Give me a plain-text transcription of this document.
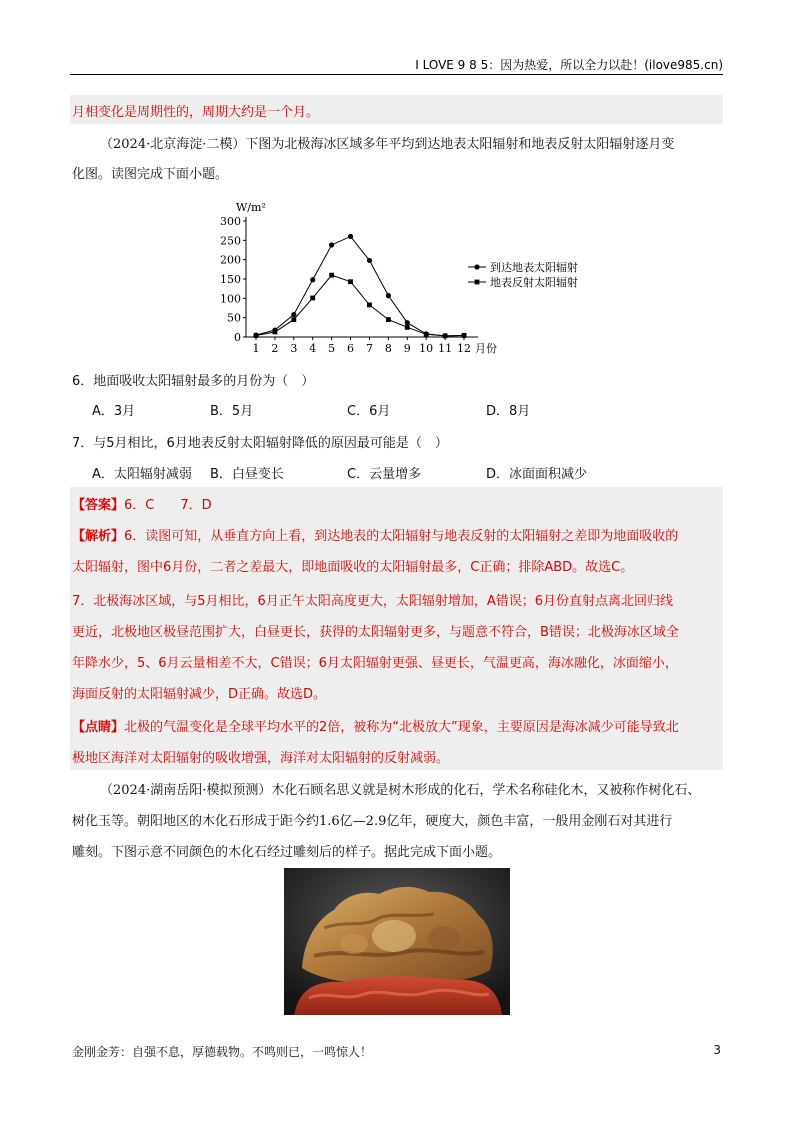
I LOVE 9 8 5：因为热爱，所以全力以赴！(ilove985.cn)
月相变化是周期性的，周期大约是一个月。
（2024·北京海淀·二模）下图为北极海冰区域多年平均到达地表太阳辐射和地表反射太阳辐射逐月变
化图。读图完成下面小题。
0
50
100
150
200
250
300
W/m²
1 2 3 4 5 6 7 8 9 10 11 12 月份
到达地表太阳辐射
地表反射太阳辐射
6．地面吸收太阳辐射最多的月份为（　）
A．3月	B．5月	C．6月	D．8月
7．与5月相比，6月地表反射太阳辐射降低的原因最可能是（　）
A．太阳辐射减弱 B．白昼变长	C．云量增多	D．冰面面积减少
【答案】6．C　　7．D
【解析】6．读图可知，从垂直方向上看，到达地表的太阳辐射与地表反射的太阳辐射之差即为地面吸收的
太阳辐射，图中6月份，二者之差最大，即地面吸收的太阳辐射最多，C正确；排除ABD。故选C。
7．北极海冰区域，与5月相比，6月正午太阳高度更大，太阳辐射增加，A错误；6月份直射点离北回归线
更近，北极地区极昼范围扩大，白昼更长，获得的太阳辐射更多，与题意不符合，B错误；北极海冰区域全
年降水少，5、6月云量相差不大，C错误；6月太阳辐射更强、昼更长，气温更高，海冰融化，冰面缩小，
海面反射的太阳辐射减少，D正确。故选D。
【点睛】北极的气温变化是全球平均水平的2倍，被称为“北极放大”现象，主要原因是海冰减少可能导致北
极地区海洋对太阳辐射的吸收增强，海洋对太阳辐射的反射减弱。
（2024·湖南岳阳·模拟预测）木化石顾名思义就是树木形成的化石，学术名称硅化木，又被称作树化石、
树化玉等。朝阳地区的木化石形成于距今约1.6亿—2.9亿年，硬度大，颜色丰富，一般用金刚石对其进行
雕刻。下图示意不同颜色的木化石经过雕刻后的样子。据此完成下面小题。
金刚金芳：自强不息，厚德载物。不鸣则已，一鸣惊人！	3
